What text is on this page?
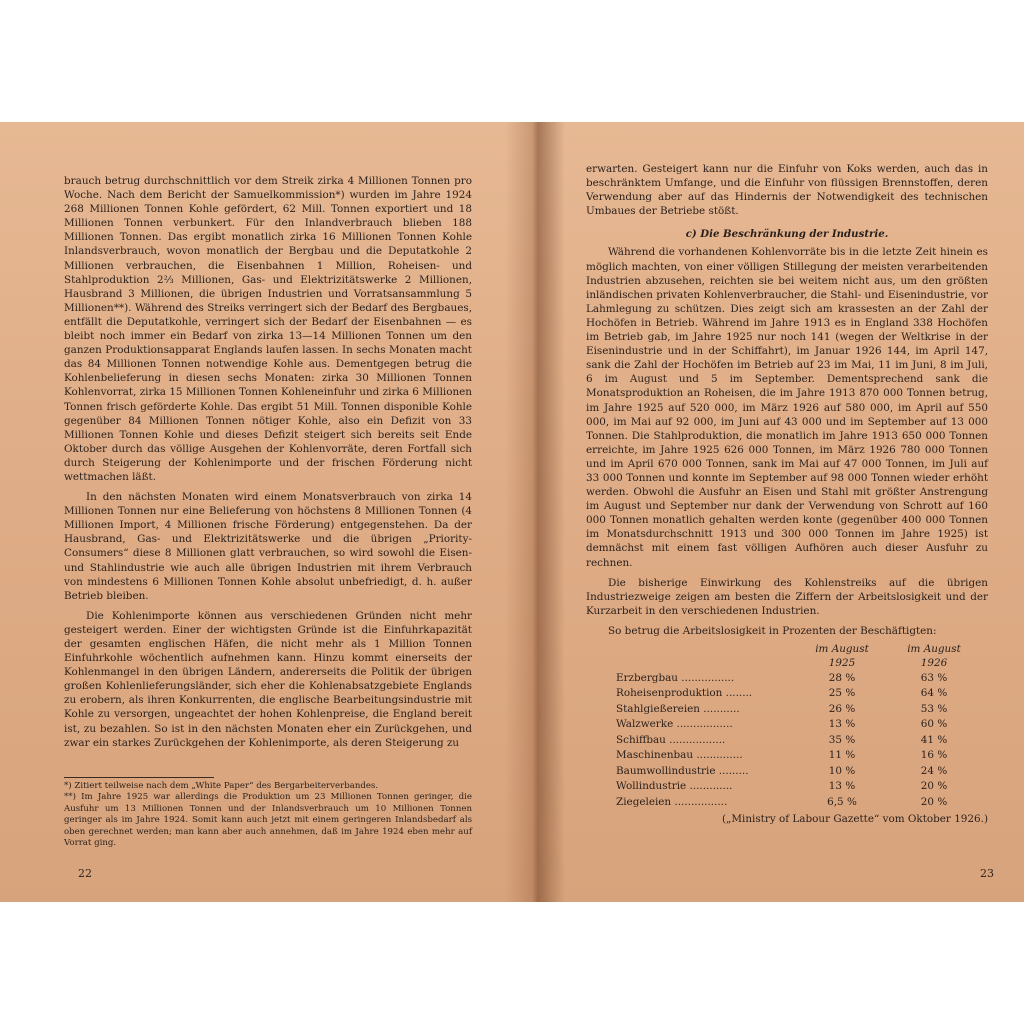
brauch betrug durchschnittlich vor dem Streik zirka 4 Millionen Tonnen pro Woche. Nach dem Bericht der Samuelkommission*) wurden im Jahre 1924 268 Millionen Tonnen Kohle gefördert, 62 Mill. Tonnen exportiert und 18 Millionen Tonnen verbunkert. Für den Inlandverbrauch blieben 188 Millionen Tonnen. Das ergibt monatlich zirka 16 Millionen Tonnen Kohle Inlandsverbrauch, wovon monatlich der Bergbau und die Deputatkohle 2 Millionen verbrauchen, die Eisenbahnen 1 Million, Roheisen- und Stahlproduktion 2⅔ Millionen, Gas- und Elektrizitätswerke 2 Millionen, Hausbrand 3 Millionen, die übrigen Industrien und Vorratsansammlung 5 Millionen**). Während des Streiks verringert sich der Bedarf des Bergbaues, entfällt die Deputatkohle, verringert sich der Bedarf der Eisenbahnen — es bleibt noch immer ein Bedarf von zirka 13—14 Millionen Tonnen um den ganzen Produktionsapparat Englands laufen lassen. In sechs Monaten macht das 84 Millionen Tonnen notwendige Kohle aus. Dementgegen betrug die Kohlenbelieferung in diesen sechs Monaten: zirka 30 Millionen Tonnen Kohlenvorrat, zirka 15 Millionen Tonnen Kohleneinfuhr und zirka 6 Millionen Tonnen frisch geförderte Kohle. Das ergibt 51 Mill. Tonnen disponible Kohle gegenüber 84 Millionen Tonnen nötiger Kohle, also ein Defizit von 33 Millionen Tonnen Kohle und dieses Defizit steigert sich bereits seit Ende Oktober durch das völlige Ausgehen der Kohlenvorräte, deren Fortfall sich durch Steigerung der Kohlenimporte und der frischen Förderung nicht wettmachen läßt.

In den nächsten Monaten wird einem Monatsverbrauch von zirka 14 Millionen Tonnen nur eine Belieferung von höchstens 8 Millionen Tonnen (4 Millionen Import, 4 Millionen frische Förderung) entgegenstehen. Da der Hausbrand, Gas- und Elektrizitätswerke und die übrigen „Priority-Consumers“ diese 8 Millionen glatt verbrauchen, so wird sowohl die Eisen- und Stahlindustrie wie auch alle übrigen Industrien mit ihrem Verbrauch von mindestens 6 Millionen Tonnen Kohle absolut unbefriedigt, d. h. außer Betrieb bleiben.

Die Kohlenimporte können aus verschiedenen Gründen nicht mehr gesteigert werden. Einer der wichtigsten Gründe ist die Einfuhrkapazität der gesamten englischen Häfen, die nicht mehr als 1 Million Tonnen Einfuhrkohle wöchentlich aufnehmen kann. Hinzu kommt einerseits der Kohlenmangel in den übrigen Ländern, andererseits die Politik der übrigen großen Kohlenlieferungsländer, sich eher die Kohlenabsatzgebiete Englands zu erobern, als ihren Konkurrenten, die englische Bearbeitungsindustrie mit Kohle zu versorgen, ungeachtet der hohen Kohlenpreise, die England bereit ist, zu bezahlen. So ist in den nächsten Monaten eher ein Zurückgehen, und zwar ein starkes Zurückgehen der Kohlenimporte, als deren Steigerung zu

*) Zitiert teilweise nach dem „White Paper“ des Bergarbeiterverbandes.

**) Im Jahre 1925 war allerdings die Produktion um 23 Millionen Tonnen geringer, die Ausfuhr um 13 Millionen Tonnen und der Inlandsverbrauch um 10 Millionen Tonnen geringer als im Jahre 1924. Somit kann auch jetzt mit einem geringeren Inlandsbedarf als oben gerechnet werden; man kann aber auch annehmen, daß im Jahre 1924 eben mehr auf Vorrat ging.

22

erwarten. Gesteigert kann nur die Einfuhr von Koks werden, auch das in beschränktem Umfange, und die Einfuhr von flüssigen Brennstoffen, deren Verwendung aber auf das Hindernis der Notwendigkeit des technischen Umbaues der Betriebe stößt.

c) Die Beschränkung der Industrie.

Während die vorhandenen Kohlenvorräte bis in die letzte Zeit hinein es möglich machten, von einer völligen Stillegung der meisten verarbeitenden Industrien abzusehen, reichten sie bei weitem nicht aus, um den größten inländischen privaten Kohlenverbraucher, die Stahl- und Eisenindustrie, vor Lahmlegung zu schützen. Dies zeigt sich am krassesten an der Zahl der Hochöfen in Betrieb. Während im Jahre 1913 es in England 338 Hochöfen im Betrieb gab, im Jahre 1925 nur noch 141 (wegen der Weltkrise in der Eisenindustrie und in der Schiffahrt), im Januar 1926 144, im April 147, sank die Zahl der Hochöfen im Betrieb auf 23 im Mai, 11 im Juni, 8 im Juli, 6 im August und 5 im September. Dementsprechend sank die Monatsproduktion an Roheisen, die im Jahre 1913 870 000 Tonnen betrug, im Jahre 1925 auf 520 000, im März 1926 auf 580 000, im April auf 550 000, im Mai auf 92 000, im Juni auf 43 000 und im September auf 13 000 Tonnen. Die Stahlproduktion, die monatlich im Jahre 1913 650 000 Tonnen erreichte, im Jahre 1925 626 000 Tonnen, im März 1926 780 000 Tonnen und im April 670 000 Tonnen, sank im Mai auf 47 000 Tonnen, im Juli auf 33 000 Tonnen und konnte im September auf 98 000 Tonnen wieder erhöht werden. Obwohl die Ausfuhr an Eisen und Stahl mit größter Anstrengung im August und September nur dank der Verwendung von Schrott auf 160 000 Tonnen monatlich gehalten werden konte (gegenüber 400 000 Tonnen im Monatsdurchschnitt 1913 und 300 000 Tonnen im Jahre 1925) ist demnächst mit einem fast völligen Aufhören auch dieser Ausfuhr zu rechnen.

Die bisherige Einwirkung des Kohlenstreiks auf die übrigen Industriezweige zeigen am besten die Ziffern der Arbeitslosigkeit und der Kurzarbeit in den verschiedenen Industrien.

So betrug die Arbeitslosigkeit in Prozenten der Beschäftigten:

	im August 1925	im August 1926
Erzbergbau ................	28 %	63 %
Roheisenproduktion ........	25 %	64 %
Stahlgießereien ...........	26 %	53 %
Walzwerke .................	13 %	60 %
Schiffbau .................	35 %	41 %
Maschinenbau ..............	11 %	16 %
Baumwollindustrie .........	10 %	24 %
Wollindustrie .............	13 %	20 %
Ziegeleien ................	6,5 %	20 %
(„Ministry of Labour Gazette“ vom Oktober 1926.)
23
